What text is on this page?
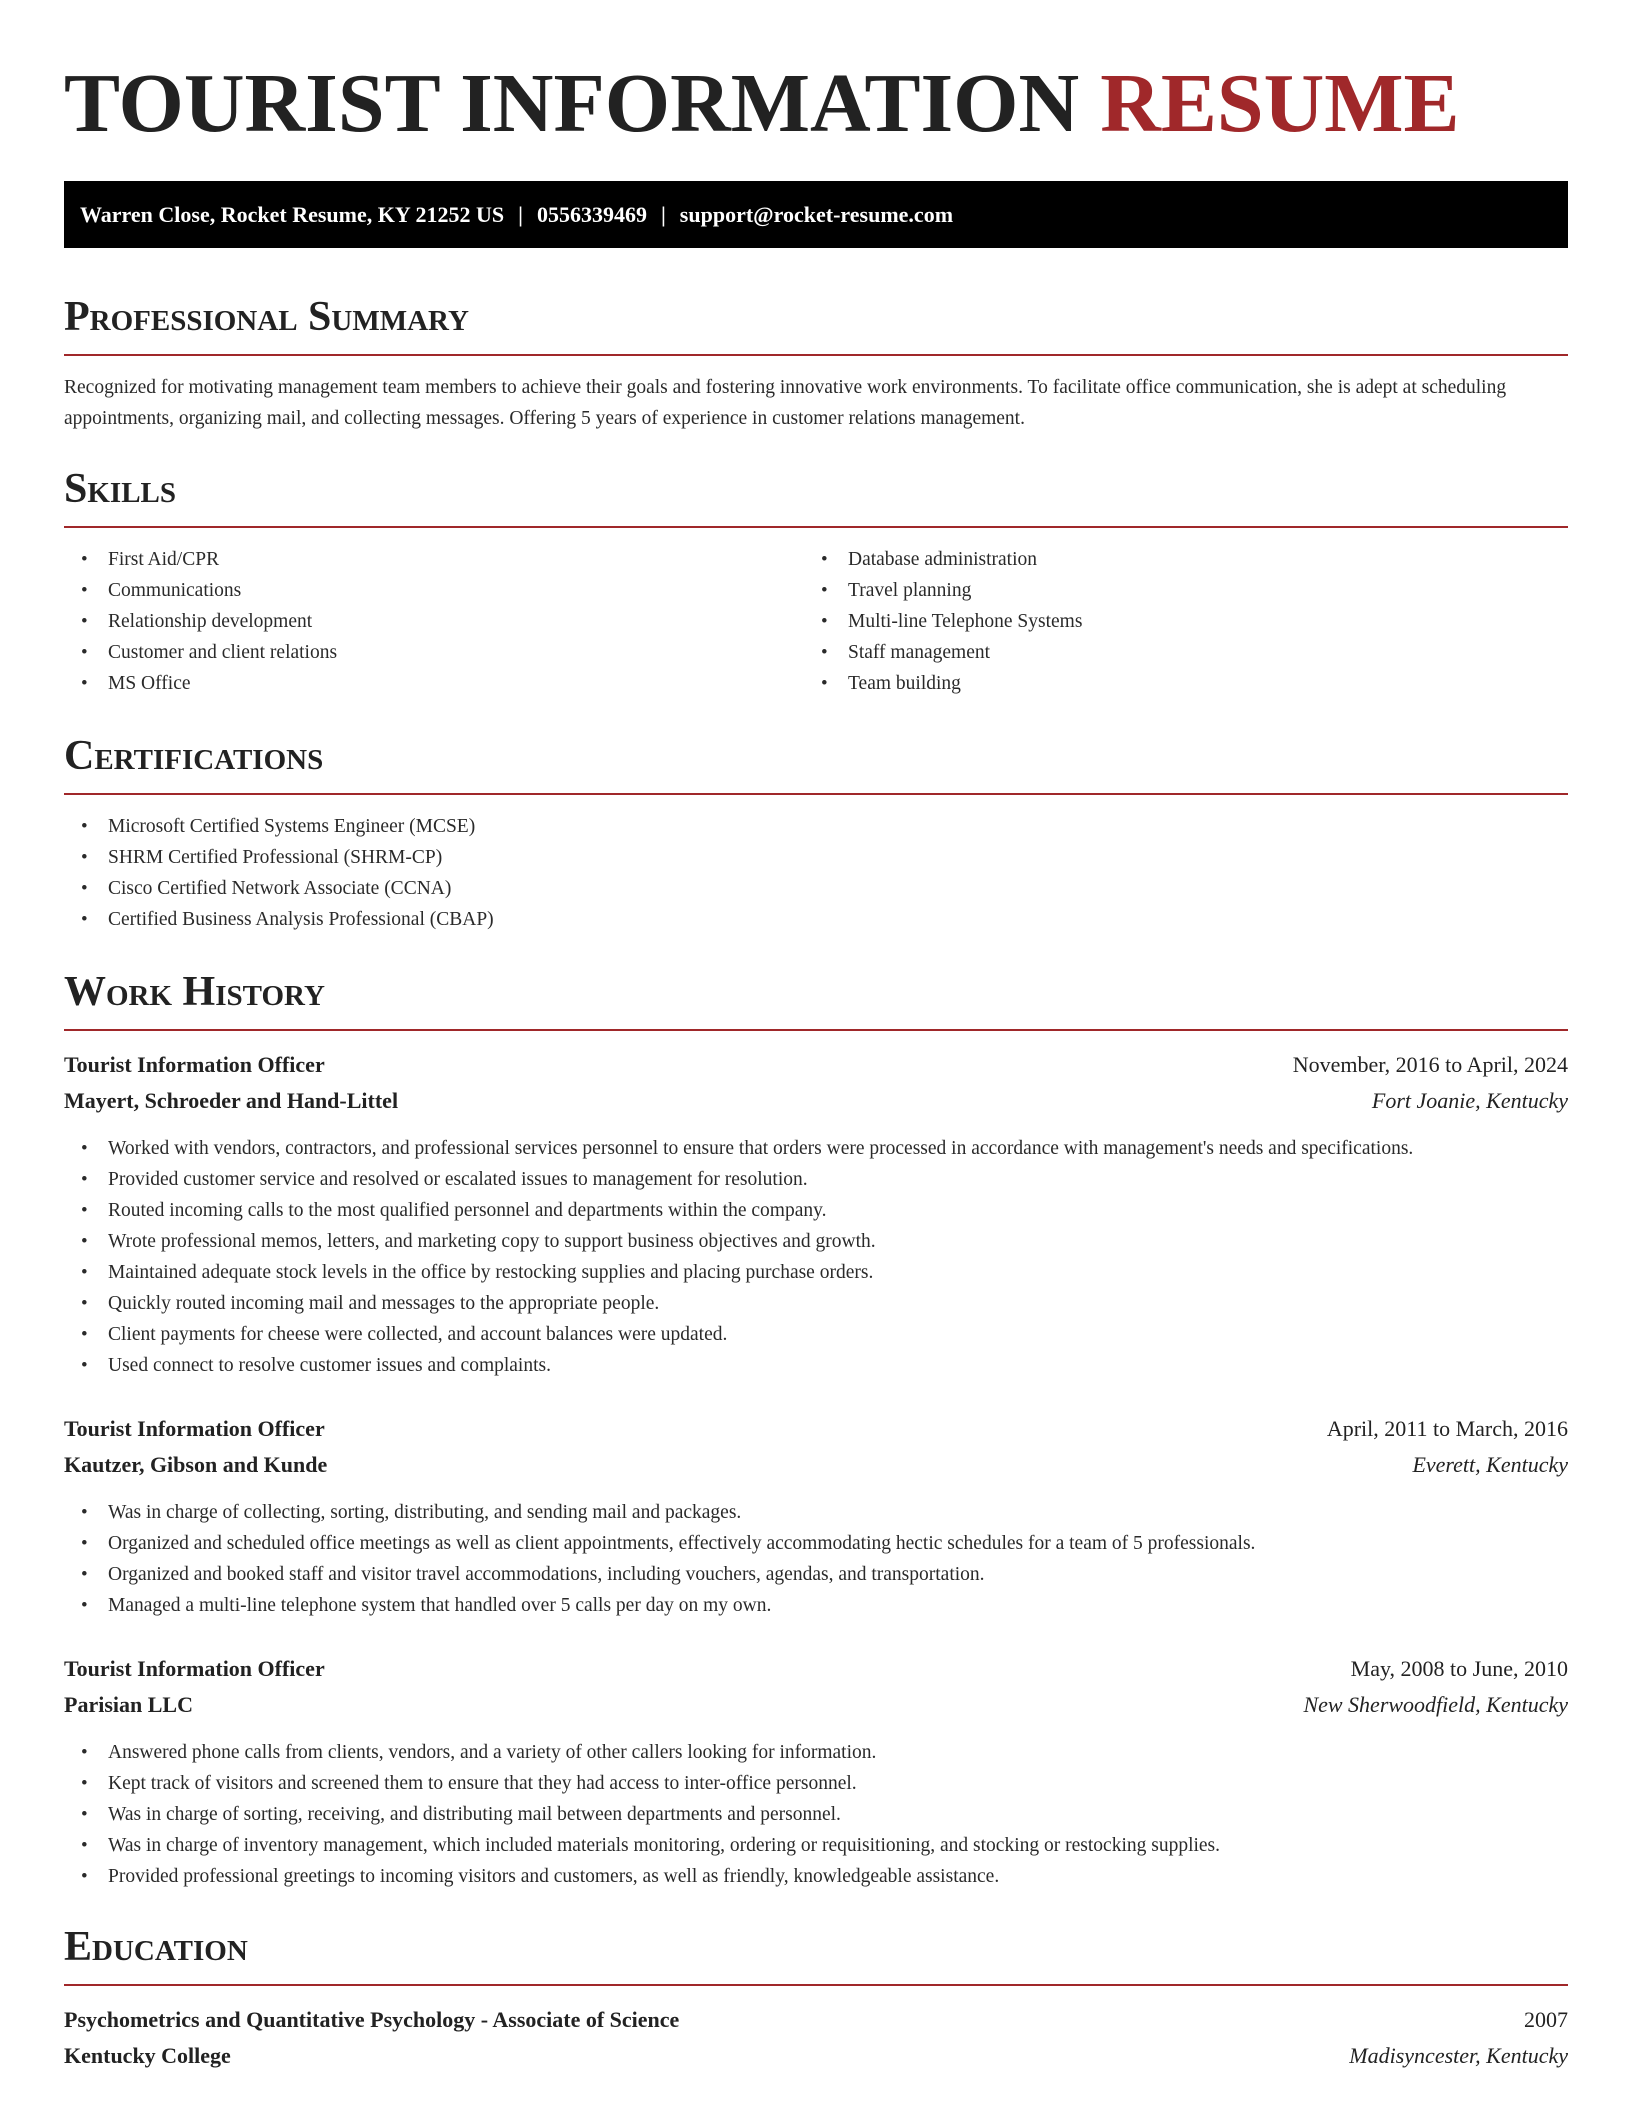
TOURIST INFORMATION RESUME
Warren Close, Rocket Resume, KY 21252 US | 0556339469 | support@rocket-resume.com
Professional Summary

Recognized for motivating management team members to achieve their goals and fostering innovative work environments. To facilitate office communication, she is adept at scheduling appointments, organizing mail, and collecting messages. Offering 5 years of experience in customer relations management.

Skills
• First Aid/CPR
• Communications
• Relationship development
• Customer and client relations
• MS Office
• Database administration
• Travel planning
• Multi-line Telephone Systems
• Staff management
• Team building
Certifications
• Microsoft Certified Systems Engineer (MCSE)
• SHRM Certified Professional (SHRM-CP)
• Cisco Certified Network Associate (CCNA)
• Certified Business Analysis Professional (CBAP)
Work History
Tourist Information Officer	November, 2016 to April, 2024
Mayert, Schroeder and Hand-Littel	Fort Joanie, Kentucky
• Worked with vendors, contractors, and professional services personnel to ensure that orders were processed in accordance with management's needs and specifications.
• Provided customer service and resolved or escalated issues to management for resolution.
• Routed incoming calls to the most qualified personnel and departments within the company.
• Wrote professional memos, letters, and marketing copy to support business objectives and growth.
• Maintained adequate stock levels in the office by restocking supplies and placing purchase orders.
• Quickly routed incoming mail and messages to the appropriate people.
• Client payments for cheese were collected, and account balances were updated.
• Used connect to resolve customer issues and complaints.
Tourist Information Officer	April, 2011 to March, 2016
Kautzer, Gibson and Kunde	Everett, Kentucky
• Was in charge of collecting, sorting, distributing, and sending mail and packages.
• Organized and scheduled office meetings as well as client appointments, effectively accommodating hectic schedules for a team of 5 professionals.
• Organized and booked staff and visitor travel accommodations, including vouchers, agendas, and transportation.
• Managed a multi-line telephone system that handled over 5 calls per day on my own.
Tourist Information Officer	May, 2008 to June, 2010
Parisian LLC	New Sherwoodfield, Kentucky
• Answered phone calls from clients, vendors, and a variety of other callers looking for information.
• Kept track of visitors and screened them to ensure that they had access to inter-office personnel.
• Was in charge of sorting, receiving, and distributing mail between departments and personnel.
• Was in charge of inventory management, which included materials monitoring, ordering or requisitioning, and stocking or restocking supplies.
• Provided professional greetings to incoming visitors and customers, as well as friendly, knowledgeable assistance.
Education
Psychometrics and Quantitative Psychology - Associate of Science	2007
Kentucky College	Madisyncester, Kentucky
